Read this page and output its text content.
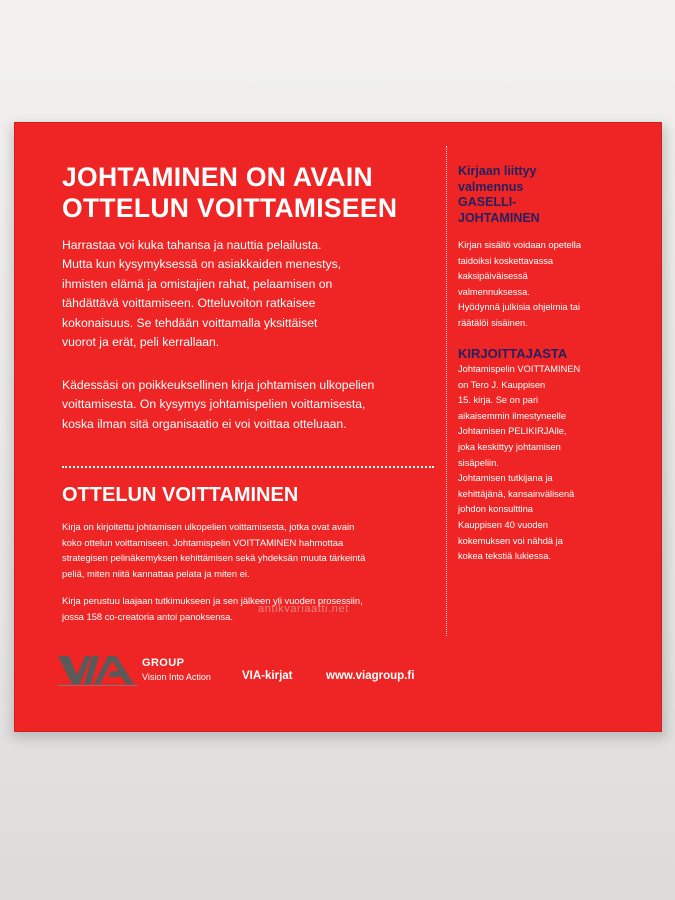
JOHTAMINEN ON AVAIN
OTTELUN VOITTAMISEEN

Harrastaa voi kuka tahansa ja nauttia pelailusta.
Mutta kun kysymyksessä on asiakkaiden menestys,
ihmisten elämä ja omistajien rahat, pelaamisen on
tähdättävä voittamiseen. Otteluvoiton ratkaisee
kokonaisuus. Se tehdään voittamalla yksittäiset
vuorot ja erät, peli kerrallaan.

Kädessäsi on poikkeuksellinen kirja johtamisen ulkopelien
voittamisesta. On kysymys johtamispelien voittamisesta,
koska ilman sitä organisaatio ei voi voittaa otteluaan.

OTTELUN VOITTAMINEN

Kirja on kirjoitettu johtamisen ulkopelien voittamisesta, jotka ovat avain
koko ottelun voittamiseen. Johtamispelin VOITTAMINEN hahmottaa
strategisen pelinäkemyksen kehittämisen sekä yhdeksän muuta tärkeintä
peliä, miten niitä kannattaa pelata ja miten ei.

Kirja perustuu laajaan tutkimukseen ja sen jälkeen yli vuoden prosessiin,
jossa 158 co-creatoria antoi panoksensa.

Kirjaan liittyy
valmennus
GASELLI-
JOHTAMINEN

Kirjan sisältö voidaan opetella
taidoiksi koskettavassa
kaksipäiväisessä
valmennuksessa.
Hyödynnä julkisia ohjelmia tai
räätälöi sisäinen.

KIRJOITTAJASTA

Johtamispelin VOITTAMINEN
on Tero J. Kauppisen
15. kirja. Se on pari
aikaisemmin ilmestyneelle
Johtamisen PELIKIRJAlle,
joka keskittyy johtamisen
sisäpeliin.
Johtamisen tutkijana ja
kehittäjänä, kansainvälisenä
johdon konsulttina
Kauppisen 40 vuoden
kokemuksen voi nähdä ja
kokea tekstiä lukiessa.

GROUP

Vision Into Action	VIA-kirjat	www.viagroup.fi

antikvariaatti.net
